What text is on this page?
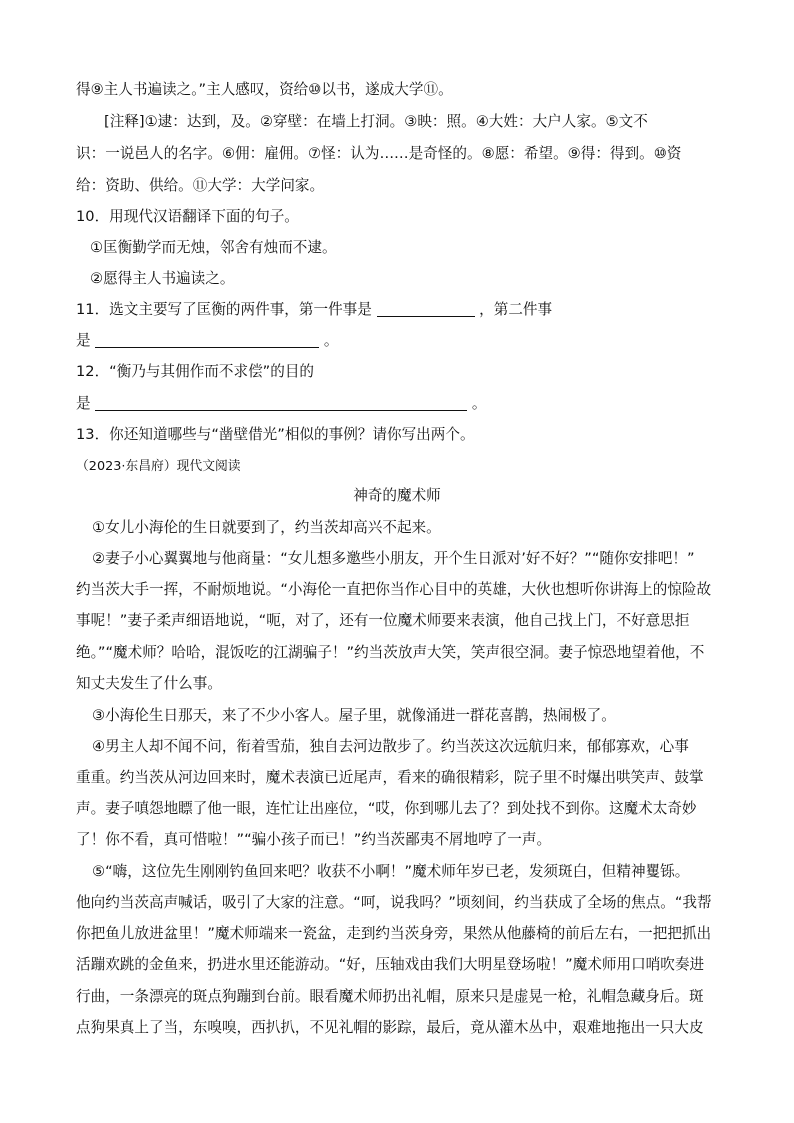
得⑨主人书遍读之。”主人感叹，资给⑩以书，遂成大学⑪。
[注释]①逮：达到，及。②穿壁：在墙上打洞。③映：照。④大姓：大户人家。⑤文不
识：一说邑人的名字。⑥佣：雇佣。⑦怪：认为……是奇怪的。⑧愿：希望。⑨得：得到。⑩资
给：资助、供给。⑪大学：大学问家。
10．用现代汉语翻译下面的句子。
①匡衡勤学而无烛，邻舍有烛而不逮。
②愿得主人书遍读之。
11．选文主要写了匡衡的两件事，第一件事是	，第二件事
是	。
12．“衡乃与其佣作而不求偿”的目的
是	。
13．你还知道哪些与“凿壁借光”相似的事例？请你写出两个。
（2023·东昌府）现代文阅读
神奇的魔术师
①女儿小海伦的生日就要到了，约当茨却高兴不起来。
②妻子小心翼翼地与他商量：“女儿想多邀些小朋友，开个生日派对’好不好？”“随你安排吧！”
约当茨大手一挥，不耐烦地说。“小海伦一直把你当作心目中的英雄，大伙也想听你讲海上的惊险故
事呢！”妻子柔声细语地说，“呃，对了，还有一位魔术师要来表演，他自己找上门，不好意思拒
绝。”“魔术师？哈哈，混饭吃的江湖骗子！”约当茨放声大笑，笑声很空洞。妻子惊恐地望着他，不
知丈夫发生了什么事。
③小海伦生日那天，来了不少小客人。屋子里，就像涌进一群花喜鹊，热闹极了。
④男主人却不闻不问，衔着雪茄，独自去河边散步了。约当茨这次远航归来，郁郁寡欢，心事
重重。约当茨从河边回来时，魔术表演已近尾声，看来的确很精彩，院子里不时爆出哄笑声、鼓掌
声。妻子嗔怨地瞟了他一眼，连忙让出座位，“哎，你到哪儿去了？到处找不到你。这魔术太奇妙
了！你不看，真可惜啦！”“骗小孩子而已！”约当茨鄙夷不屑地哼了一声。
⑤“嗨，这位先生刚刚钓鱼回来吧？收获不小啊！”魔术师年岁已老，发须斑白，但精神矍铄。
他向约当茨高声喊话，吸引了大家的注意。“呵，说我吗？”顷刻间，约当获成了全场的焦点。“我帮
你把鱼儿放进盆里！”魔术师端来一瓷盆，走到约当茨身旁，果然从他藤椅的前后左右，一把把抓出
活蹦欢跳的金鱼来，扔进水里还能游动。“好，压轴戏由我们大明星登场啦！”魔术师用口哨吹奏进
行曲，一条漂亮的斑点狗蹦到台前。眼看魔术师扔出礼帽，原来只是虚晃一枪，礼帽急藏身后。斑
点狗果真上了当，东嗅嗅，西扒扒，不见礼帽的影踪，最后，竟从灌木丛中，艰难地拖出一只大皮
